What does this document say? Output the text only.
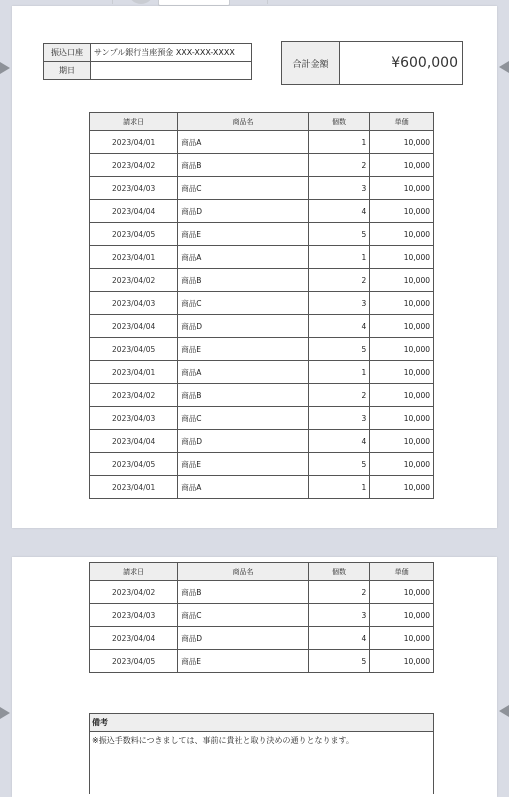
振込口座	サンプル銀行当座預金 XXX-XXX-XXXX
期日	
合計金額	¥600,000
請求日	商品名	個数	単価
2023/04/01	商品A	1	10,000
2023/04/02	商品B	2	10,000
2023/04/03	商品C	3	10,000
2023/04/04	商品D	4	10,000
2023/04/05	商品E	5	10,000
2023/04/01	商品A	1	10,000
2023/04/02	商品B	2	10,000
2023/04/03	商品C	3	10,000
2023/04/04	商品D	4	10,000
2023/04/05	商品E	5	10,000
2023/04/01	商品A	1	10,000
2023/04/02	商品B	2	10,000
2023/04/03	商品C	3	10,000
2023/04/04	商品D	4	10,000
2023/04/05	商品E	5	10,000
2023/04/01	商品A	1	10,000
請求日	商品名	個数	単価
2023/04/02	商品B	2	10,000
2023/04/03	商品C	3	10,000
2023/04/04	商品D	4	10,000
2023/04/05	商品E	5	10,000
備考
※振込手数料につきましては、事前に貴社と取り決めの通りとなります。
